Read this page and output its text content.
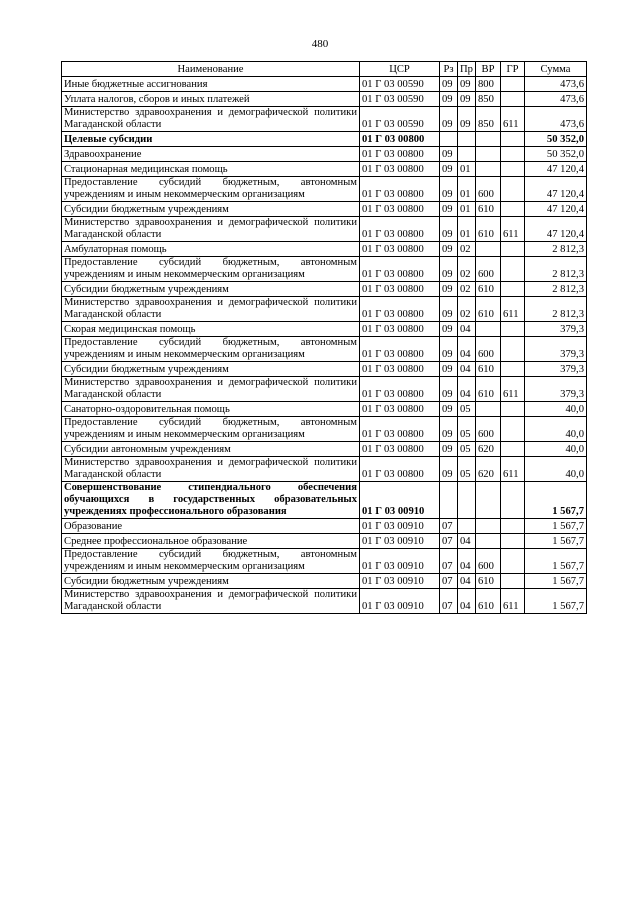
480
Наименование	ЦСР	Рз	Пр	ВР	ГР	Сумма
Иные бюджетные ассигнования	01 Г 03 00590	09	09	800		473,6
Уплата налогов, сборов и иных платежей	01 Г 03 00590	09	09	850		473,6
Министерство здравоохранения и демографической политики Магаданской области	01 Г 03 00590	09	09	850	611	473,6
Целевые субсидии	01 Г 03 00800					50 352,0
Здравоохранение	01 Г 03 00800	09				50 352,0
Стационарная медицинская помощь	01 Г 03 00800	09	01			47 120,4
Предоставление субсидий бюджетным, автономным учреждениям и иным некоммерческим организациям	01 Г 03 00800	09	01	600		47 120,4
Субсидии бюджетным учреждениям	01 Г 03 00800	09	01	610		47 120,4
Министерство здравоохранения и демографической политики Магаданской области	01 Г 03 00800	09	01	610	611	47 120,4
Амбулаторная помощь	01 Г 03 00800	09	02			2 812,3
Предоставление субсидий бюджетным, автономным учреждениям и иным некоммерческим организациям	01 Г 03 00800	09	02	600		2 812,3
Субсидии бюджетным учреждениям	01 Г 03 00800	09	02	610		2 812,3
Министерство здравоохранения и демографической политики Магаданской области	01 Г 03 00800	09	02	610	611	2 812,3
Скорая медицинская помощь	01 Г 03 00800	09	04			379,3
Предоставление субсидий бюджетным, автономным учреждениям и иным некоммерческим организациям	01 Г 03 00800	09	04	600		379,3
Субсидии бюджетным учреждениям	01 Г 03 00800	09	04	610		379,3
Министерство здравоохранения и демографической политики Магаданской области	01 Г 03 00800	09	04	610	611	379,3
Санаторно-оздоровительная помощь	01 Г 03 00800	09	05			40,0
Предоставление субсидий бюджетным, автономным учреждениям и иным некоммерческим организациям	01 Г 03 00800	09	05	600		40,0
Субсидии автономным учреждениям	01 Г 03 00800	09	05	620		40,0
Министерство здравоохранения и демографической политики Магаданской области	01 Г 03 00800	09	05	620	611	40,0
Совершенствование стипендиального обеспечения обучающихся в государственных образовательных учреждениях профессионального образования	01 Г 03 00910					1 567,7
Образование	01 Г 03 00910	07				1 567,7
Среднее профессиональное образование	01 Г 03 00910	07	04			1 567,7
Предоставление субсидий бюджетным, автономным учреждениям и иным некоммерческим организациям	01 Г 03 00910	07	04	600		1 567,7
Субсидии бюджетным учреждениям	01 Г 03 00910	07	04	610		1 567,7
Министерство здравоохранения и демографической политики Магаданской области	01 Г 03 00910	07	04	610	611	1 567,7
